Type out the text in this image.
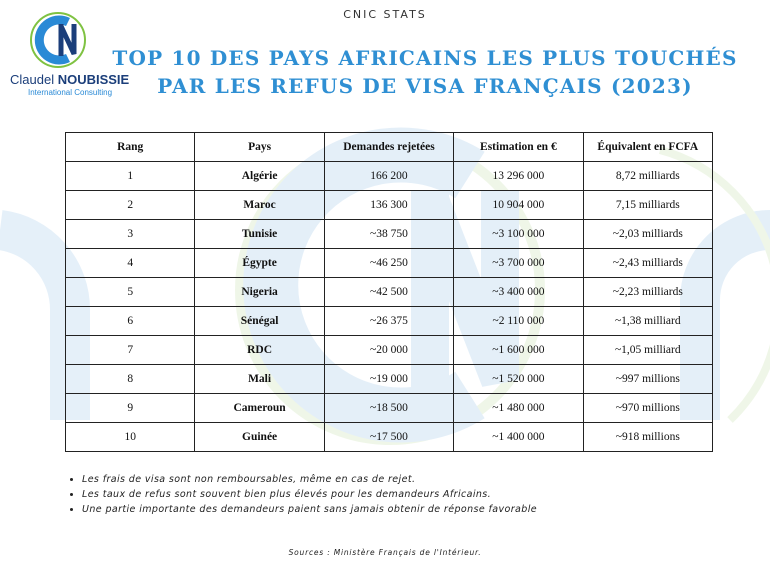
Claudel NOUBISSIE
International Consulting
CNIC STATS
TOP 10 DES PAYS AFRICAINS LES PLUS TOUCHÉS
PAR LES REFUS DE VISA FRANÇAIS (2023)
Rang	Pays	Demandes rejetées	Estimation en €	Équivalent en FCFA
1	Algérie	166 200	13 296 000	8,72 milliards
2	Maroc	136 300	10 904 000	7,15 milliards
3	Tunisie	~38 750	~3 100 000	~2,03 milliards
4	Égypte	~46 250	~3 700 000	~2,43 milliards
5	Nigeria	~42 500	~3 400 000	~2,23 milliards
6	Sénégal	~26 375	~2 110 000	~1,38 milliard
7	RDC	~20 000	~1 600 000	~1,05 milliard
8	Mali	~19 000	~1 520 000	~997 millions
9	Cameroun	~18 500	~1 480 000	~970 millions
10	Guinée	~17 500	~1 400 000	~918 millions
• Les frais de visa sont non remboursables, même en cas de rejet.
• Les taux de refus sont souvent bien plus élevés pour les demandeurs Africains.
• Une partie importante des demandeurs paient sans jamais obtenir de réponse favorable
Sources : Ministère Français de l'Intérieur.
